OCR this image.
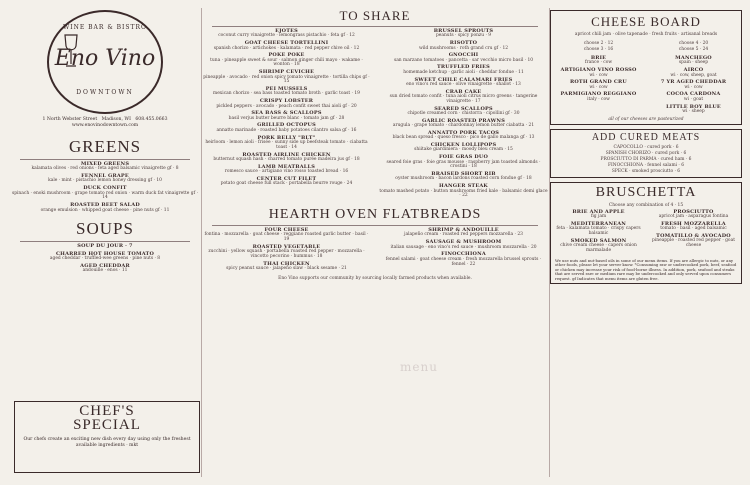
WINE BAR & BISTRO
Eno Vino
DOWNTOWN
1 North Webster Street Madison, WI 608.455.0663
www.enovinodowntown.com
GREENS
MIXED GREENS
kalamata olives · red onions · feta aged balsamic vinaigrette gf · 8
FENNEL GRAPE
kale · mint · pistachio lemon honey dressing gf · 10
DUCK CONFIT
spinach · enoki mushroom · grape tomato red onion · warm duck fat vinaigrette gf · 14
ROASTED BEET SALAD
orange emulsion · whipped goat cheese · pine nuts gf · 11
SOUPS
SOUP DU JOUR · 7
CHARRED HOT HOUSE TOMATO
aged cheddar · truffled-wee greens · pine nuts · 8
AGED CHEDDAR
andouille · enos · 11
CHEF'S
SPECIAL
Our chefs create an exciting new dish every day using only the freshest available ingredients · mkt
TO SHARE
EJOTES
coconut curry vinaigrette · lemongrass pistachio · feta gf · 12
GOAT CHEESE TORTELLINI
spanish chorizo · artichokes · kalamata · red pepper chive oil · 12
POKE POKE
tuna · pineapple sweet & sour · salmon ginger chili mayo · wakame · wonton · 18
SHRIMP CEVICHE
pineapple · avocado · red onion spicy tomato vinaigrette · tortilla chips gf · 15
PEI MUSSELS
mexican chorizo · sea bass toasted tomato broth · garlic toast · 19
CRISPY LOBSTER
pickled peppers · avocado · peach confit sweet thai aioli gf · 20
SEA BASS & SCALLOPS
basil verjus butter beurre blanc · tomato jam gf · 28
GRILLED OCTOPUS
annatto marinade · roasted baby potatoes cilantro salsa gf · 16
PORK BELLY "BLT"
heirloom · lemon aioli · frisée · sunny side up beefsteak tomato · ciabatta toast · 14
ROASTED AIRLINE CHICKEN
butternut squash hash · charred tomato purée madeira jus gf · 18
LAMB MEATBALLS
romesco sauce · artigiano vino rosso toasted bread · 16
CENTER CUT FILET
potato goat cheese full stack · portabella beurre rouge · 24
BRUSSEL SPROUTS
peanuts · spicy ponzu · 9
RISOTTO
wild mushrooms · roth grand cru gf · 12
GNOCCHI
san marzano tomatoes · pancetta · sar vecchio micro basil · 10
TRUFFLED FRIES
homemade ketchup · garlic aioli · cheddar fondue · 11
SWEET CHILE CALAMARI FRIES
eno vino's red sauce · olive vinaigrette · shallot · 13
CRAB CAKE
sun dried tomato confit · tuna aioli citrus micro greens · tangerine vinaigrette · 17
SEARED SCALLOPS
chipotle creamed corn · chistorra · cipollini gf · 30
GARLIC ROASTED PRAWNS
arugula · grape tomato · chardonnay lemon butter ciabatta · 21
ANNATTO PORK TACOS
black bean spread · queso fresco · pico de gallo malanga gf · 13
CHICKEN LOLLIPOPS
shiitake giardiniera · moody bleu cream · 15
FOIE GRAS DUO
seared foie gras · foie gras mousse · raspberry jam toasted almonds · crostini · 18
BRAISED SHORT RIB
oyster mushroom · bacon lardons roasted corn fondue gf · 18
HANGER STEAK
tomato mashed potato · button mushrooms fried kale · balsamic demi glace · 22
HEARTH OVEN FLATBREADS
FOUR CHEESE
fontina · mozzarella · goat cheese · reggiano roasted garlic butter · basil · 19
ROASTED VEGETABLE
zucchini · yellow squash · portabella roasted red pepper · mozzarella · vincotto pecorino · hummus · 18
THAI CHICKEN
spicy peanut sauce · jalapeño slaw · black sesame · 21
SHRIMP & ANDOUILLE
jalapeño cream · roasted red peppers mozzarella · 23
SAUSAGE & MUSHROOM
italian sausage · eno vino's red sauce · mushroom mozzarella · 20
FINOCCHIONA
fennel salami · goat cheese cream · fresh mozzarella brussel sprouts · fennel · 22
Eno Vino supports our community by sourcing locally farmed products when available.
CHEESE BOARD
apricot chili jam · olive tapenade · fresh fruits · artisanal breads
choose 2 · 12
choose 3 · 16
choose 4 · 20
choose 5 · 24
BRIE
france · cow
ARTIGIANO VINO ROSSO
wi · cow
ROTH GRAND CRU
wi · cow
PARMIGIANO REGGIANO
italy · cow
MANCHEGO
spain · sheep
AIRCO
wi · cow, sheep, goat
7 YR AGED CHEDDAR
wi · cow
COCOA CARDONA
wi · goat
LITTLE BOY BLUE
wi · sheep
all of our cheeses are pasteurized
ADD CURED MEATS
CAPOCOLLO · cured pork · 6
SPANISH CHORIZO · cured pork · 6
PROSCIUTTO DI PARMA · cured ham · 6
FINOCCHIONA · fennel salami · 6
SPECK · smoked prosciutto · 6
BRUSCHETTA
Choose any combination of 4 · 15
BRIE AND APPLE
fig jam
MEDITERRANEAN
feta · kalamata tomato · crispy capers balsamic
SMOKED SALMON
chive cream cheese · capers onion marmalade
PROSCIUTTO
apricot jam · asparagus fontina
FRESH MOZZARELLA
tomato · basil · aged balsamic
TOMATILLO & AVOCADO
pineapple · roasted red pepper · goat cheese
We use nuts and nut-based oils in some of our menu items. If you are allergic to nuts, or any other foods, please let your server know. *Consuming raw or undercooked pork, beef, seafood or chicken may increase your risk of food-borne illness. In addition, pork, seafood and steaks that are served rare or medium rare may be undercooked and only served upon consumers request. gf Indicates that menu items are gluten free.
menu
